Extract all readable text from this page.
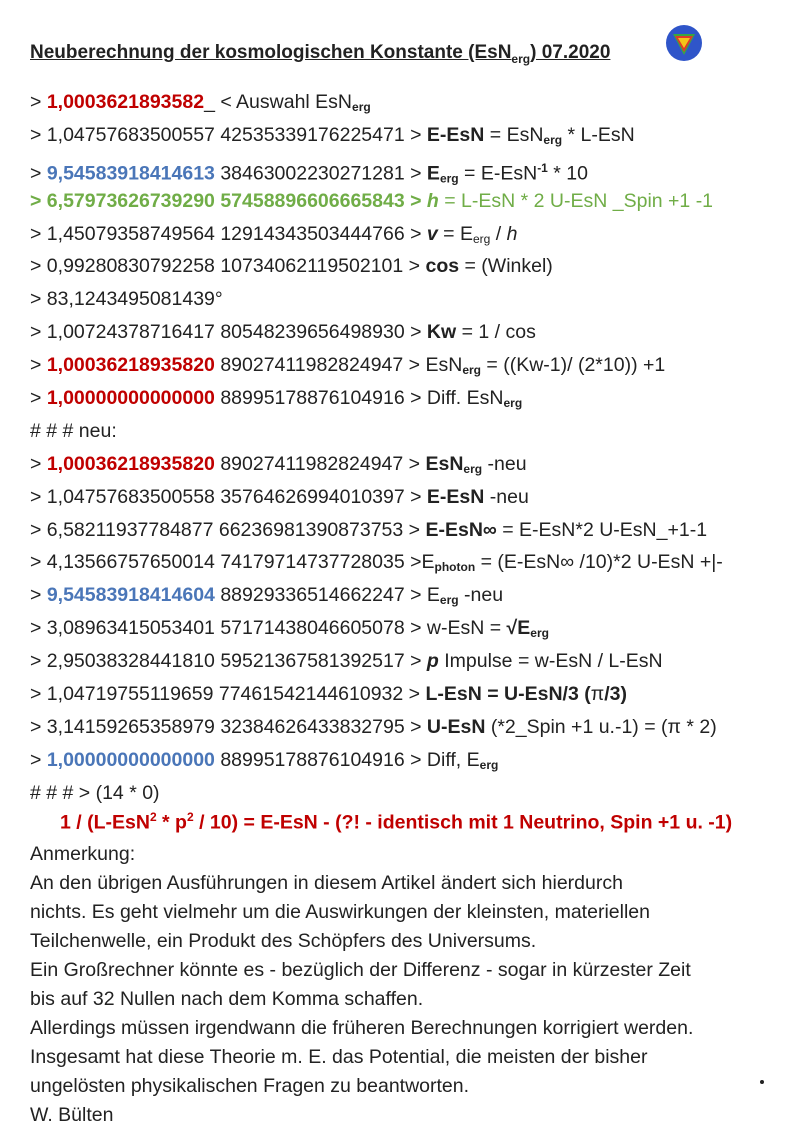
Neuberechnung der kosmologischen Konstante (EsN$_{erg}$) 07.2020
> 1,0003621893582_ < Auswahl EsN$_{erg}$
> 1,04757683500557 42535339176225471 > E-EsN = EsN$_{erg}$ * L-EsN
> 9,54583918414613 $38463002230271281 > E_{erg} = E-EsN^{-1} * 10$
> 6,57973626739290 57458896606665843 > h = L-EsN * 2 U-EsN _Spin +1 -1
> 1,45079358749564 $12914343503444766 > v = E_{erg} / h$
> 0,99280830792258 10734062119502101 > cos = (Winkel)
> 83,1243495081439°
> 1,00724378716417 80548239656498930 > Kw = 1 / cos
> 1,00036218935820 89027411982824947 > EsN$_{erg}$ = ((Kw-1)/ (2*10)) +1
> 1,00000000000000 88995178876104916 > Diff. EsN$_{erg}$
# # # neu:
> 1,00036218935820 89027411982824947 > EsN$_{erg}$ -neu
> 1,04757683500558 35764626994010397 > E-EsN -neu
> 6,58211937784877 66236981390873753 > E-EsN∞ = E-EsN*2 U-EsN_+1-1
> 4,13566757650014 $74179714737728035 >E_{photon} = (E-EsN\infty$ /10)*2 U-EsN +|-
> 9,54583918414604 $88929336514662247 > E_{erg}$ -neu
> 3,08963415053401 $57171438046605078 > w-EsN = √E_{erg}$
> 2,95038328441810 59521367581392517 > p Impulse = w-EsN / L-EsN
> 1,04719755119659 77461542144610932 > L-EsN = U-EsN/3 (π/3)
> 3,14159265358979 32384626433832795 > U-EsN (*2_Spin +1 u.-1) = (π * 2)
> 1,00000000000000 88995178876104916 > Diff, $E_{erg}$
# # # > (14 * 0)
$1 / (L-EsN^2 * p^2 / 10) = E-EsN$ - (?! - identisch mit 1 Neutrino, Spin +1 u. -1)
Anmerkung:
An den übrigen Ausführungen in diesem Artikel ändert sich hierdurch
nichts. Es geht vielmehr um die Auswirkungen der kleinsten, materiellen
Teilchenwelle, ein Produkt des Schöpfers des Universums.
Ein Großrechner könnte es - bezüglich der Differenz - sogar in kürzester Zeit
bis auf 32 Nullen nach dem Komma schaffen.
Allerdings müssen irgendwann die früheren Berechnungen korrigiert werden.
Insgesamt hat diese Theorie m. E. das Potential, die meisten der bisher
ungelösten physikalischen Fragen zu beantworten.
W. Bülten
